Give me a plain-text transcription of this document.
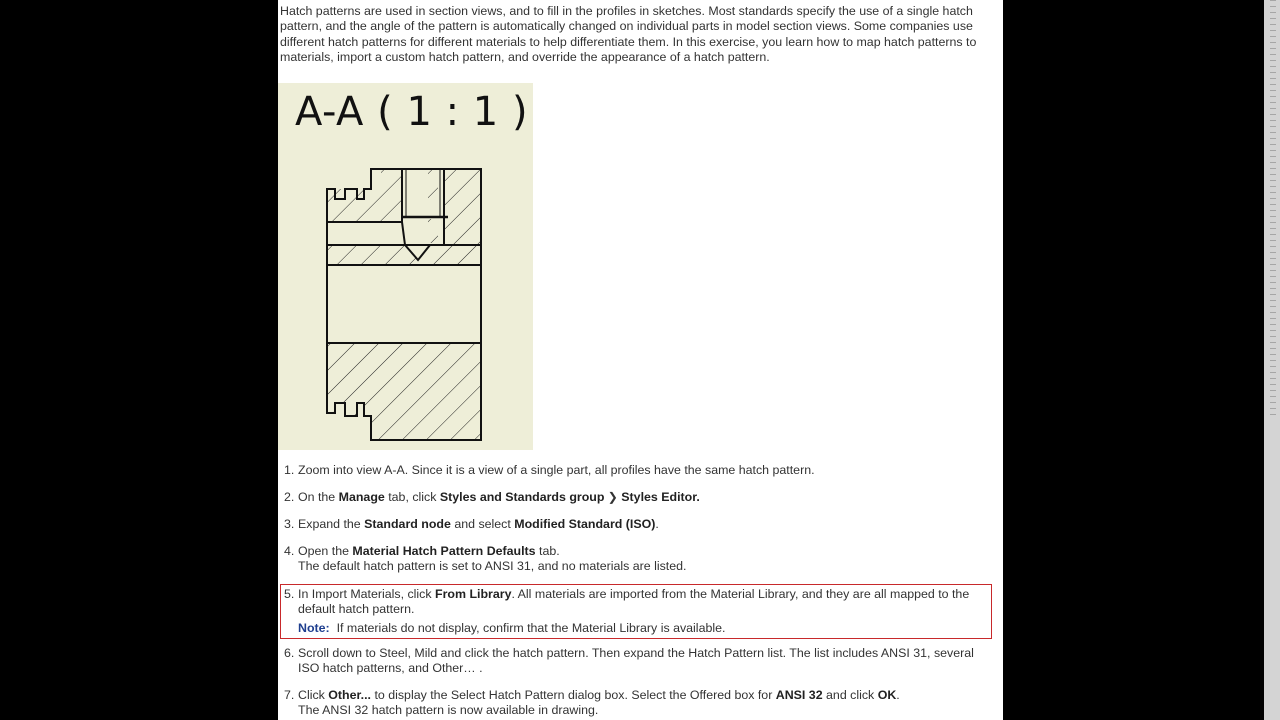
Hatch patterns are used in section views, and to fill in the profiles in sketches. Most standards specify the use of a single hatch pattern, and the angle of the pattern is automatically changed on individual parts in model section views. Some companies use different hatch patterns for different materials to help differentiate them. In this exercise, you learn how to map hatch patterns to materials, import a custom hatch pattern, and override the appearance of a hatch pattern.

A-A ( 1 : 1 )
1. Zoom into view A-A. Since it is a view of a single part, all profiles have the same hatch pattern.
2. On the Manage tab, click Styles and Standards group ❯ Styles Editor.
3. Expand the Standard node and select Modified Standard (ISO).
4. Open the Material Hatch Pattern Defaults tab.
The default hatch pattern is set to ANSI 31, and no materials are listed.
5. In Import Materials, click From Library. All materials are imported from the Material Library, and they are all mapped to the default hatch pattern.
Note: If materials do not display, confirm that the Material Library is available.
6. Scroll down to Steel, Mild and click the hatch pattern. Then expand the Hatch Pattern list. The list includes ANSI 31, several ISO hatch patterns, and Other… .
7. Click Other... to display the Select Hatch Pattern dialog box. Select the Offered box for ANSI 32 and click OK.
The ANSI 32 hatch pattern is now available in drawing.
